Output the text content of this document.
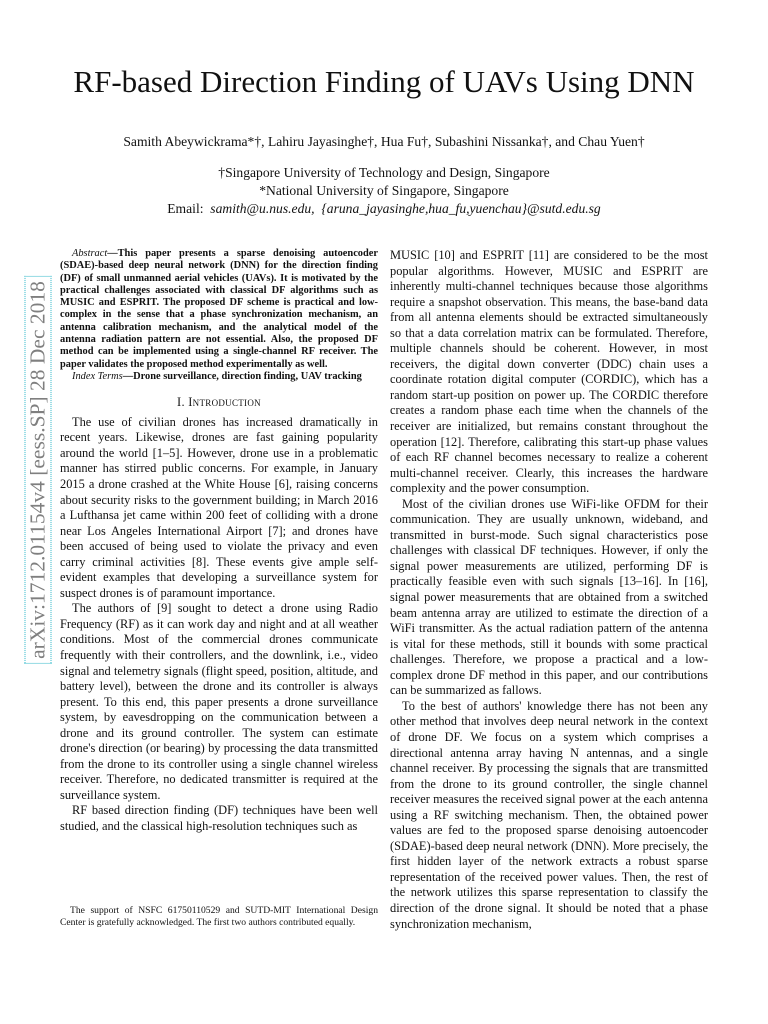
arXiv:1712.01154v4 [eess.SP] 28 Dec 2018
RF-based Direction Finding of UAVs Using DNN
Samith Abeywickrama*†, Lahiru Jayasinghe†, Hua Fu†, Subashini Nissanka†, and Chau Yuen†
†Singapore University of Technology and Design, Singapore
*National University of Singapore, Singapore
Email: samith@u.nus.edu, {aruna_jayasinghe,hua_fu,yuenchau}@sutd.edu.sg

Abstract—This paper presents a sparse denoising autoencoder (SDAE)-based deep neural network (DNN) for the direction finding (DF) of small unmanned aerial vehicles (UAVs). It is motivated by the practical challenges associated with classical DF algorithms such as MUSIC and ESPRIT. The proposed DF scheme is practical and low-complex in the sense that a phase synchronization mechanism, an antenna calibration mechanism, and the analytical model of the antenna radiation pattern are not essential. Also, the proposed DF method can be implemented using a single-channel RF receiver. The paper validates the proposed method experimentally as well.

Index Terms—Drone surveillance, direction finding, UAV tracking

I. Introduction

The use of civilian drones has increased dramatically in recent years. Likewise, drones are fast gaining popularity around the world [1–5]. However, drone use in a problematic manner has stirred public concerns. For example, in January 2015 a drone crashed at the White House [6], raising concerns about security risks to the government building; in March 2016 a Lufthansa jet came within 200 feet of colliding with a drone near Los Angeles International Airport [7]; and drones have been accused of being used to violate the privacy and even carry criminal activities [8]. These events give ample self-evident examples that developing a surveillance system for suspect drones is of paramount importance.

The authors of [9] sought to detect a drone using Radio Frequency (RF) as it can work day and night and at all weather conditions. Most of the commercial drones communicate frequently with their controllers, and the downlink, i.e., video signal and telemetry signals (flight speed, position, altitude, and battery level), between the drone and its controller is always present. To this end, this paper presents a drone surveillance system, by eavesdropping on the communication between a drone and its ground controller. The system can estimate drone's direction (or bearing) by processing the data transmitted from the drone to its controller using a single channel wireless receiver. Therefore, no dedicated transmitter is required at the surveillance system.

RF based direction finding (DF) techniques have been well studied, and the classical high-resolution techniques such as

The support of NSFC 61750110529 and SUTD-MIT International Design Center is gratefully acknowledged. The first two authors contributed equally.

MUSIC [10] and ESPRIT [11] are considered to be the most popular algorithms. However, MUSIC and ESPRIT are inherently multi-channel techniques because those algorithms require a snapshot observation. This means, the base-band data from all antenna elements should be extracted simultaneously so that a data correlation matrix can be formulated. Therefore, multiple channels should be coherent. However, in most receivers, the digital down converter (DDC) chain uses a coordinate rotation digital computer (CORDIC), which has a random start-up position on power up. The CORDIC therefore creates a random phase each time when the channels of the receiver are initialized, but remains constant throughout the operation [12]. Therefore, calibrating this start-up phase values of each RF channel becomes necessary to realize a coherent multi-channel receiver. Clearly, this increases the hardware complexity and the power consumption.

Most of the civilian drones use WiFi-like OFDM for their communication. They are usually unknown, wideband, and transmitted in burst-mode. Such signal characteristics pose challenges with classical DF techniques. However, if only the signal power measurements are utilized, performing DF is practically feasible even with such signals [13–16]. In [16], signal power measurements that are obtained from a switched beam antenna array are utilized to estimate the direction of a WiFi transmitter. As the actual radiation pattern of the antenna is vital for these methods, still it bounds with some practical challenges. Therefore, we propose a practical and a low-complex drone DF method in this paper, and our contributions can be summarized as fallows.

To the best of authors' knowledge there has not been any other method that involves deep neural network in the context of drone DF. We focus on a system which comprises a directional antenna array having N antennas, and a single channel receiver. By processing the signals that are transmitted from the drone to its ground controller, the single channel receiver measures the received signal power at the each antenna using a RF switching mechanism. Then, the obtained power values are fed to the proposed sparse denoising autoencoder (SDAE)-based deep neural network (DNN). More precisely, the first hidden layer of the network extracts a robust sparse representation of the received power values. Then, the rest of the network utilizes this sparse representation to classify the direction of the drone signal. It should be noted that a phase synchronization mechanism,
